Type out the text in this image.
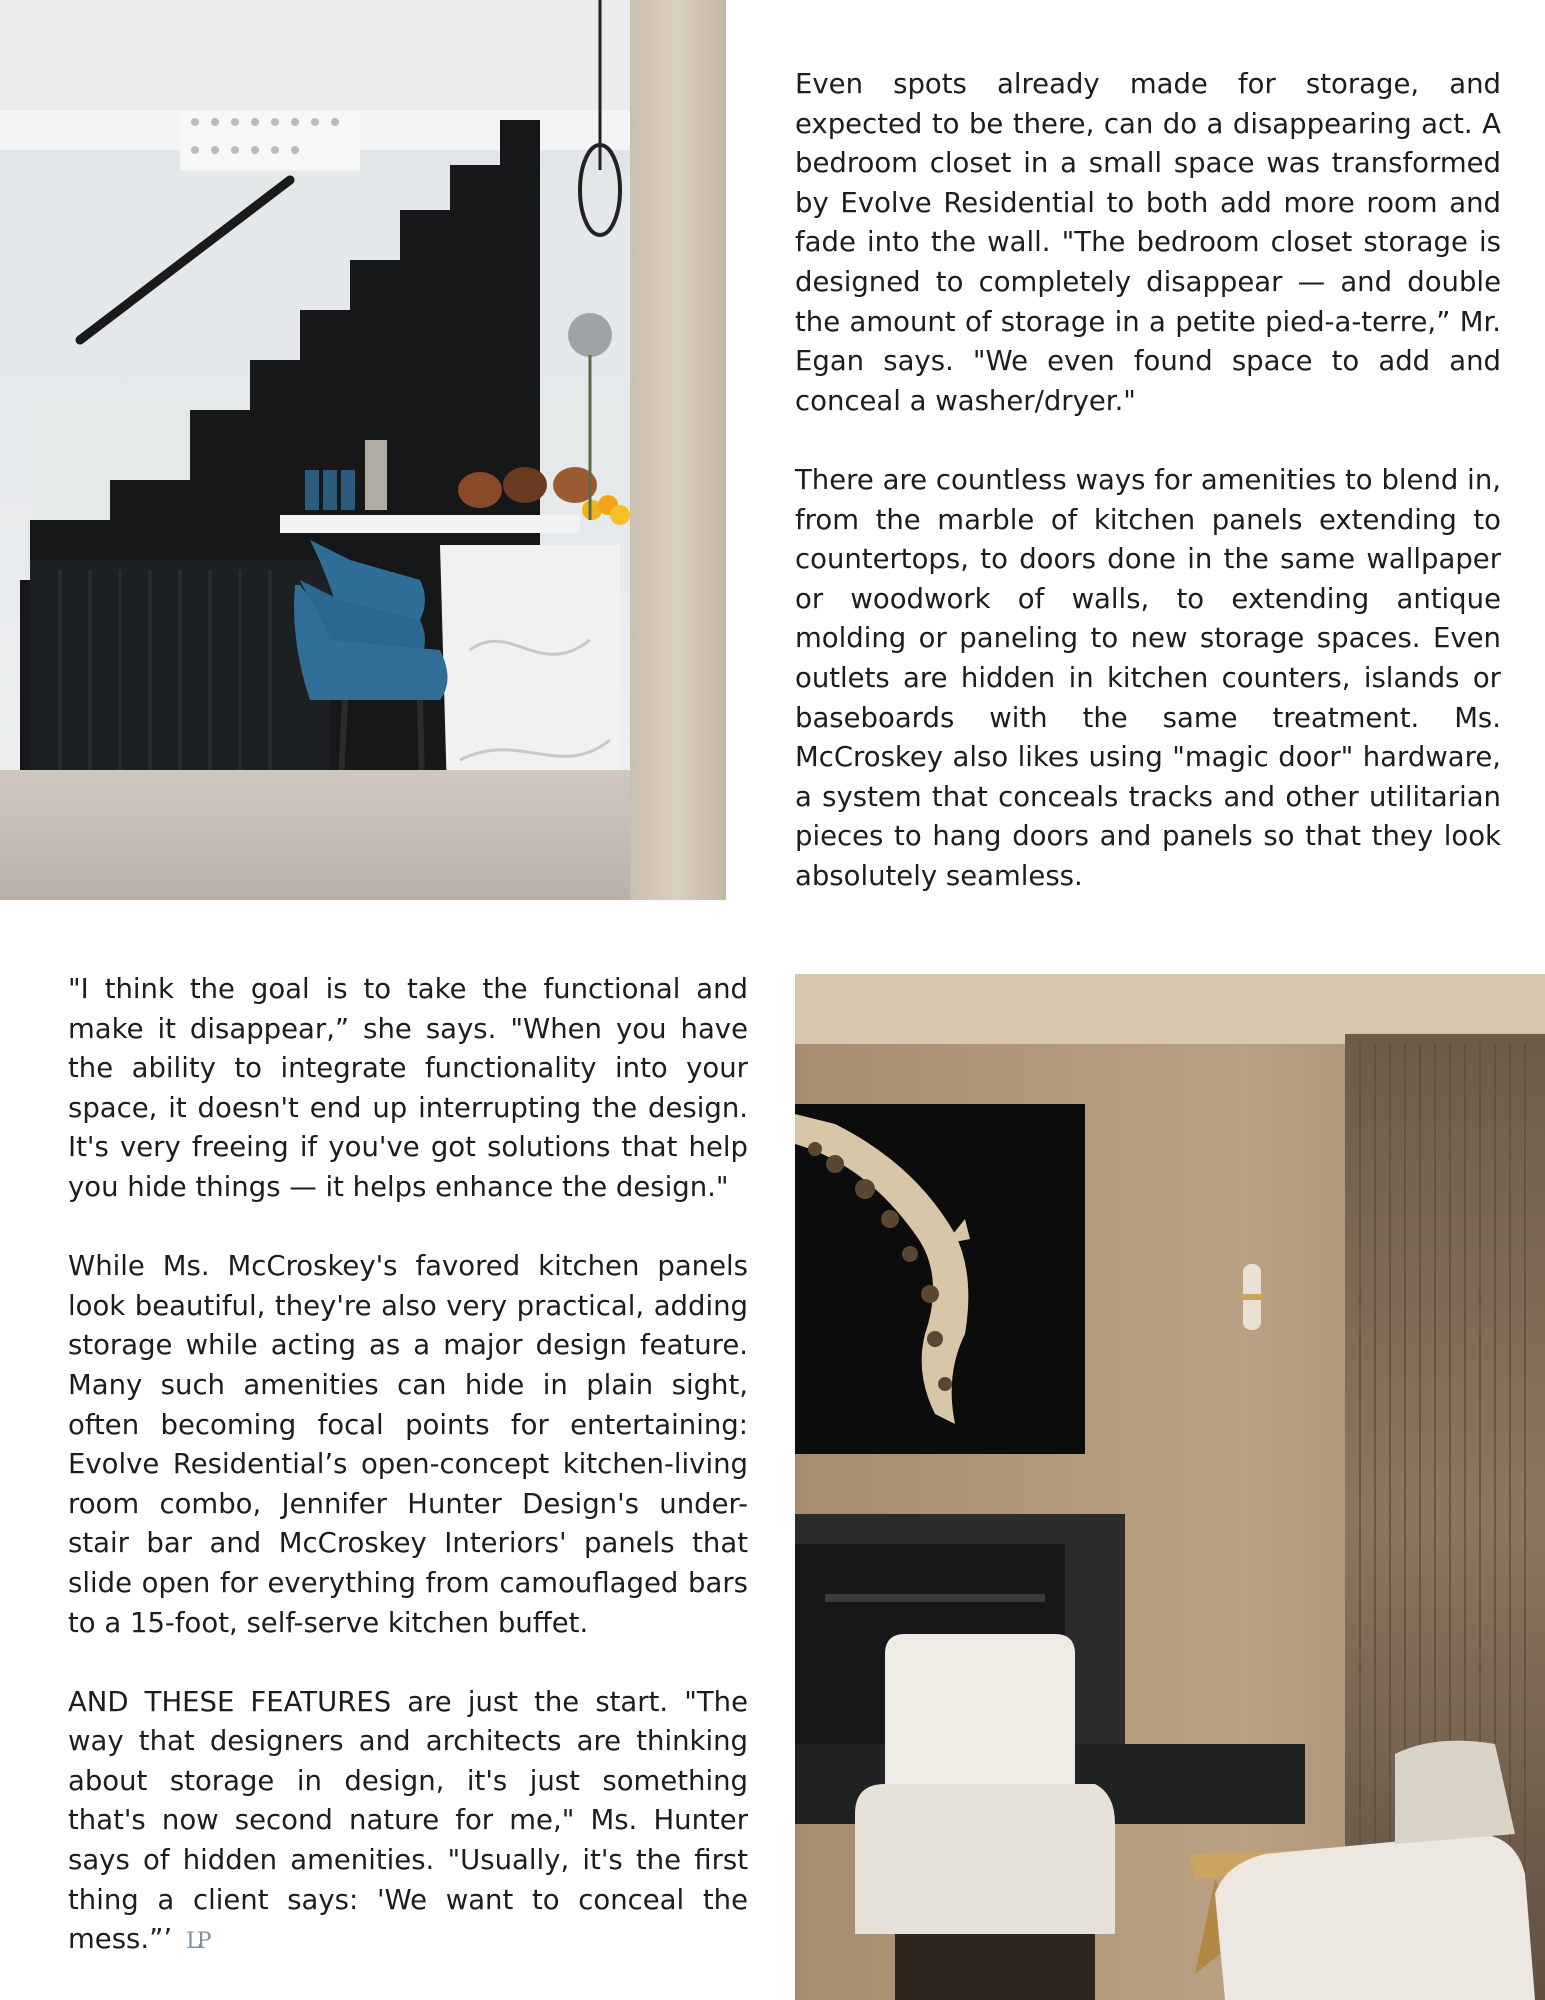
Even spots already made for storage, and expected to be there, can do a disappearing act. A bedroom closet in a small space was transformed by Evolve Residential to both add more room and fade into the wall. "The bedroom closet storage is designed to completely disappear — and double the amount of storage in a petite pied-a-terre,” Mr. Egan says. "We even found space to add and conceal a washer/dryer."

There are countless ways for amenities to blend in, from the marble of kitchen panels extending to countertops, to doors done in the same wallpaper or woodwork of walls, to extending antique molding or paneling to new storage spaces. Even outlets are hidden in kitchen counters, islands or baseboards with the same treatment. Ms. McCroskey also likes using "magic door" hardware, a system that conceals tracks and other utilitarian pieces to hang doors and panels so that they look absolutely seamless.

"I think the goal is to take the functional and make it disappear,” she says. "When you have the ability to integrate functionality into your space, it doesn't end up interrupting the design. It's very freeing if you've got solutions that help you hide things — it helps enhance the design."

While Ms. McCroskey's favored kitchen panels look beautiful, they're also very practical, adding storage while acting as a major design feature. Many such amenities can hide in plain sight, often becoming focal points for entertaining: Evolve Residential’s open-concept kitchen-living room combo, Jennifer Hunter Design's under-stair bar and McCroskey Interiors' panels that slide open for everything from camouflaged bars to a 15-foot, self-serve kitchen buffet.

AND THESE FEATURES are just the start. "The way that designers and architects are thinking about storage in design, it's just something that's now second nature for me," Ms. Hunter says of hidden amenities. "Usually, it's the first thing a client says: 'We want to conceal the mess.”’ LP
